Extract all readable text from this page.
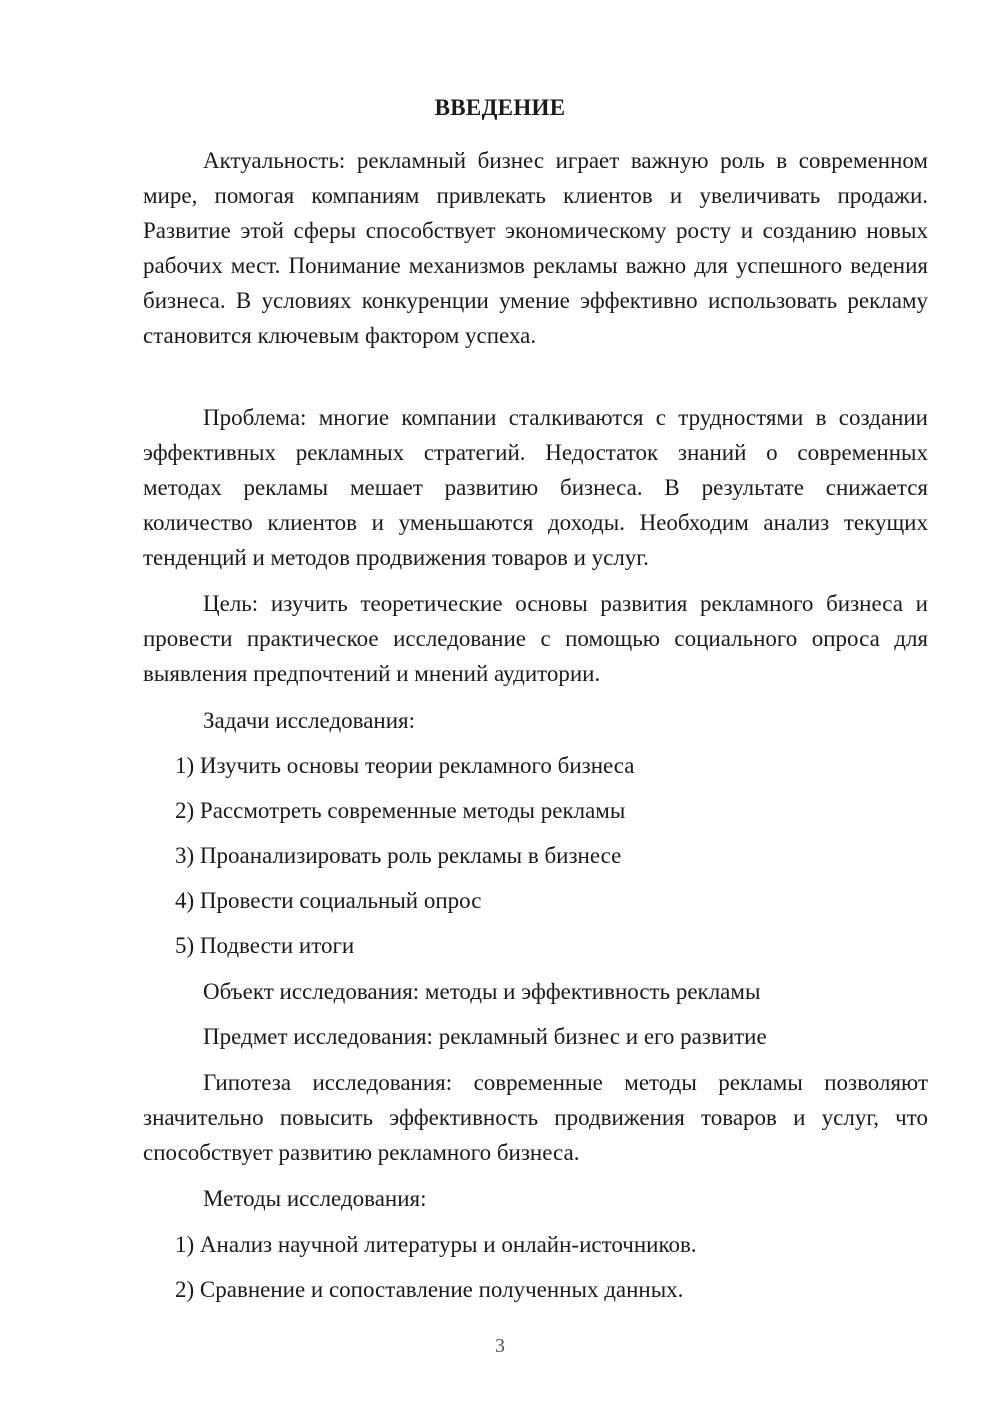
ВВЕДЕНИЕ

Актуальность: рекламный бизнес играет важную роль в современном мире, помогая компаниям привлекать клиентов и увеличивать продажи. Развитие этой сферы способствует экономическому росту и созданию новых рабочих мест. Понимание механизмов рекламы важно для успешного ведения бизнеса. В условиях конкуренции умение эффективно использовать рекламу становится ключевым фактором успеха.

Проблема: многие компании сталкиваются с трудностями в создании эффективных рекламных стратегий. Недостаток знаний о современных методах рекламы мешает развитию бизнеса. В результате снижается количество клиентов и уменьшаются доходы. Необходим анализ текущих тенденций и методов продвижения товаров и услуг.

Цель: изучить теоретические основы развития рекламного бизнеса и провести практическое исследование с помощью социального опроса для выявления предпочтений и мнений аудитории.

Задачи исследования:
1) Изучить основы теории рекламного бизнеса
2) Рассмотреть современные методы рекламы
3) Проанализировать роль рекламы в бизнесе
4) Провести социальный опрос
5) Подвести итоги
Объект исследования: методы и эффективность рекламы
Предмет исследования: рекламный бизнес и его развитие

Гипотеза исследования: современные методы рекламы позволяют значительно повысить эффективность продвижения товаров и услуг, что способствует развитию рекламного бизнеса.

Методы исследования:
1) Анализ научной литературы и онлайн-источников.
2) Сравнение и сопоставление полученных данных.
3
